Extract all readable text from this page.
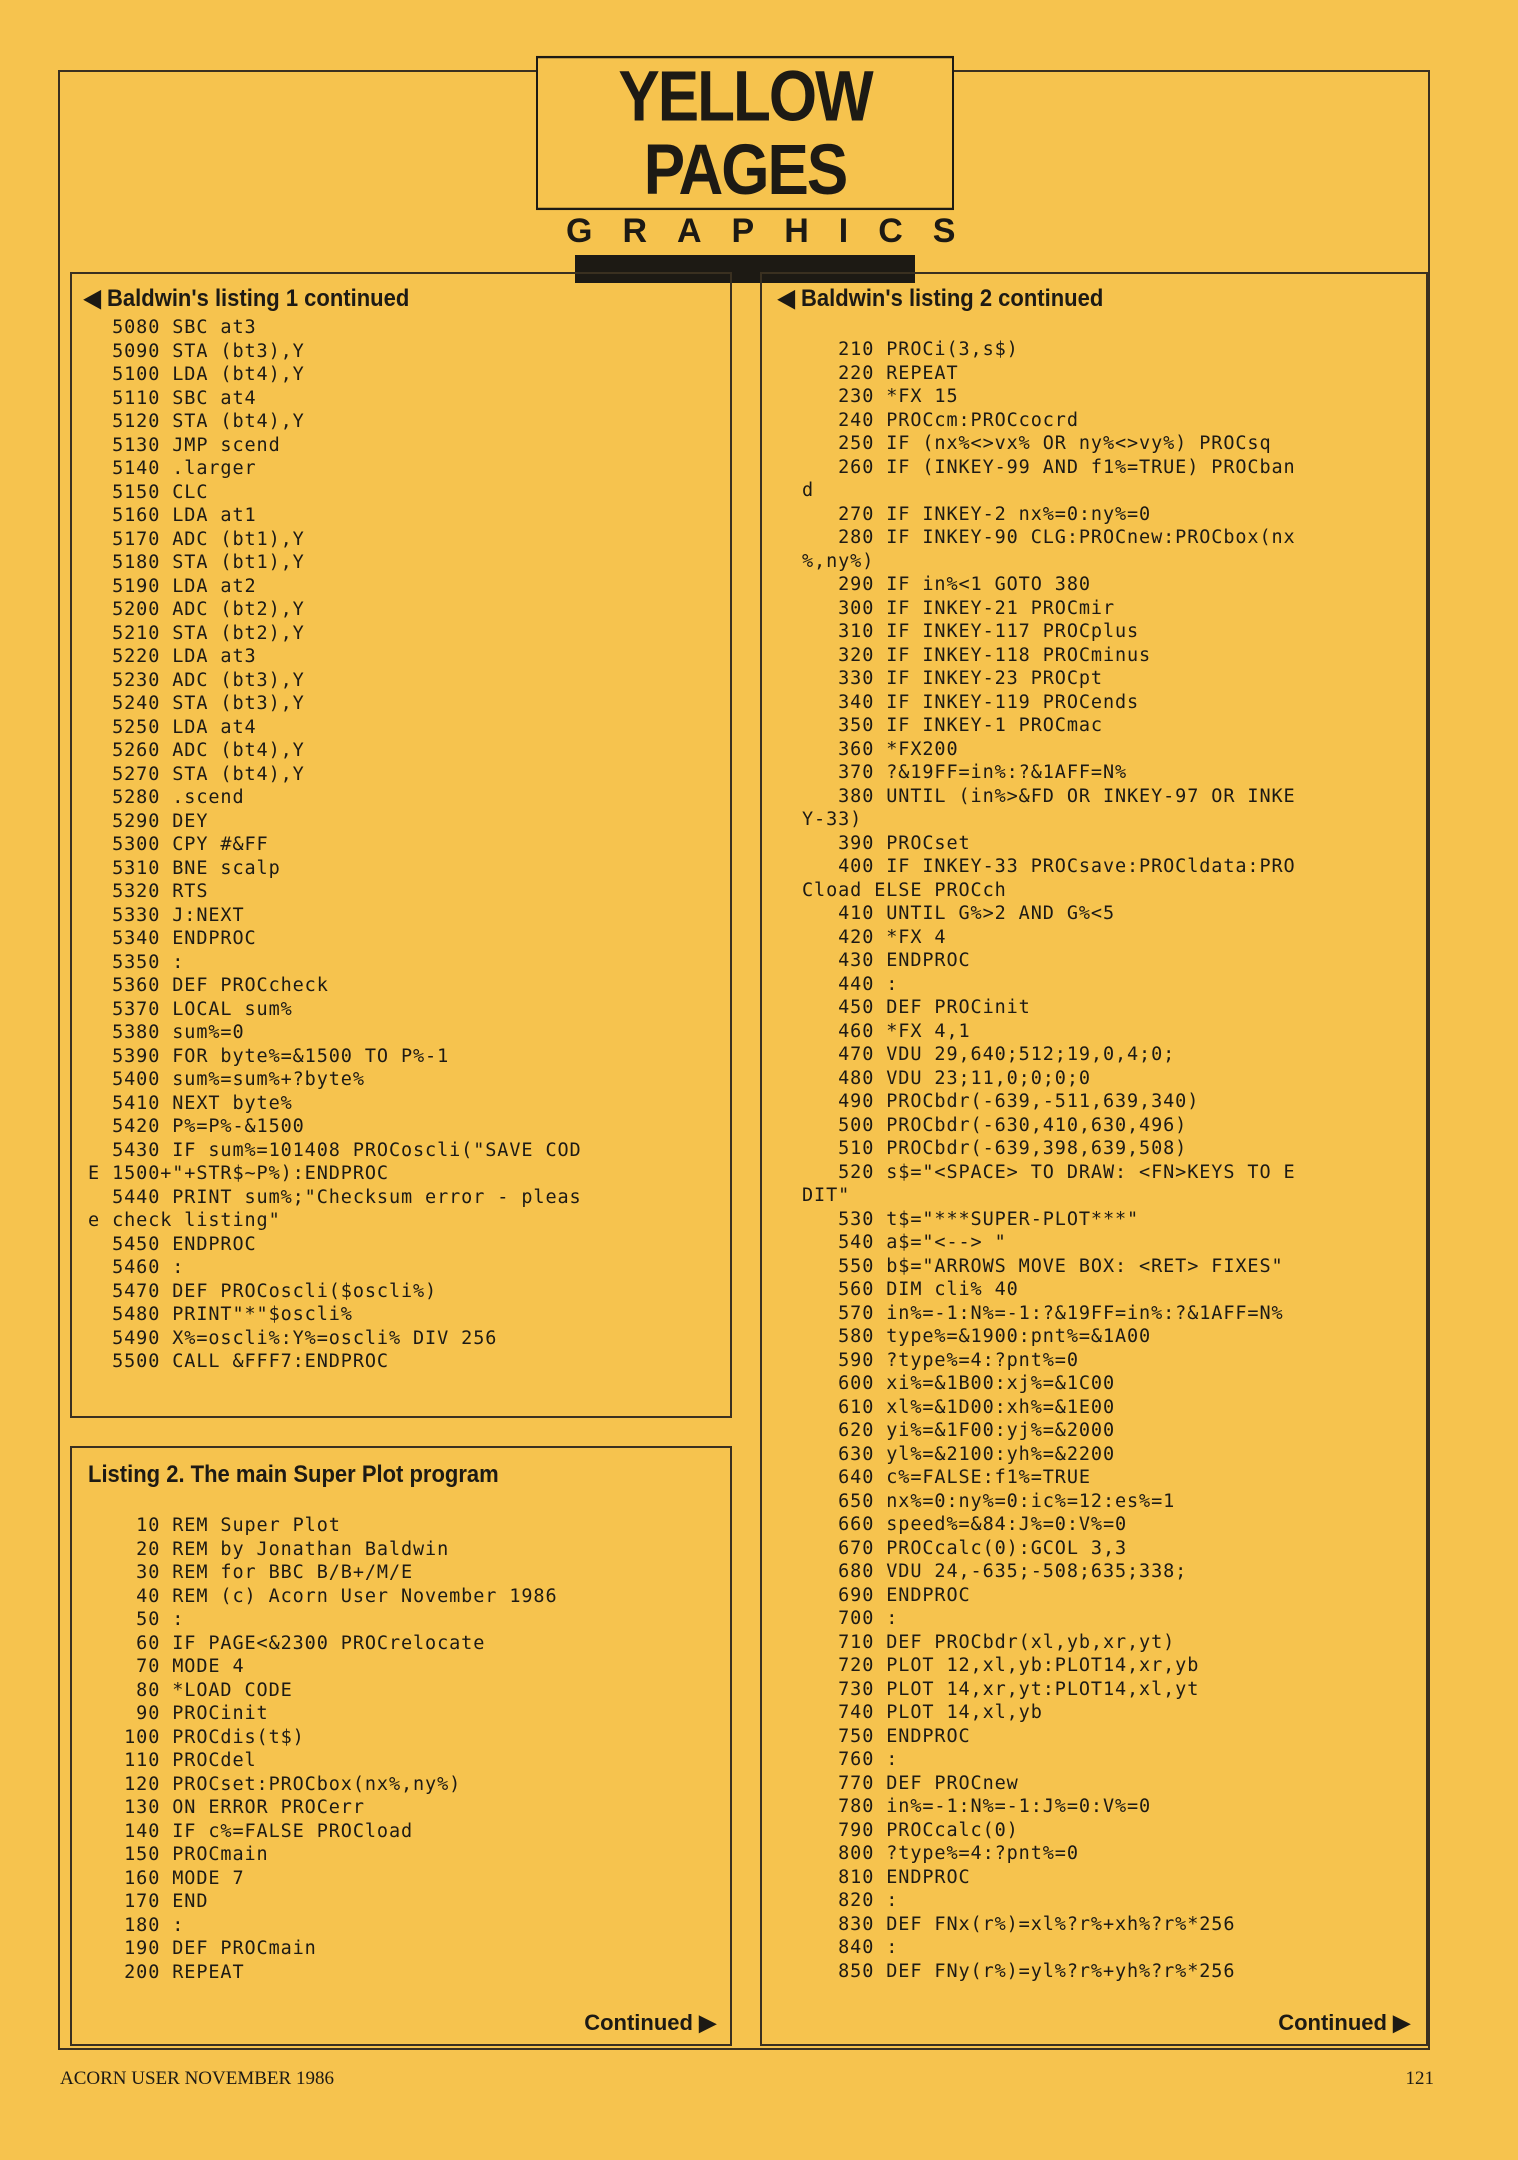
YELLOW PAGES
GRAPHICS
◀ Baldwin's listing 1 continued
5080 SBC at3
5090 STA (bt3),Y
5100 LDA (bt4),Y
5110 SBC at4
5120 STA (bt4),Y
5130 JMP scend
5140 .larger
5150 CLC
5160 LDA at1
5170 ADC (bt1),Y
5180 STA (bt1),Y
5190 LDA at2
5200 ADC (bt2),Y
5210 STA (bt2),Y
5220 LDA at3
5230 ADC (bt3),Y
5240 STA (bt3),Y
5250 LDA at4
5260 ADC (bt4),Y
5270 STA (bt4),Y
5280 .scend
5290 DEY
5300 CPY #&FF
5310 BNE scalp
5320 RTS
5330 J:NEXT
5340 ENDPROC
5350 :
5360 DEF PROCcheck
5370 LOCAL sum%
5380 sum%=0
5390 FOR byte%=&1500 TO P%-1
5400 sum%=sum%+?byte%
5410 NEXT byte%
5420 P%=P%-&1500
5430 IF sum%=101408 PROCoscli("SAVE COD
E 1500+"+STR$~P%):ENDPROC
5440 PRINT sum%;"Checksum error - pleas
e check listing"
5450 ENDPROC
5460 :
5470 DEF PROCoscli($oscli%)
5480 PRINT"*"$oscli%
5490 X%=oscli%:Y%=oscli% DIV 256
5500 CALL &FFF7:ENDPROC
Listing 2. The main Super Plot program
10 REM Super Plot
20 REM by Jonathan Baldwin
30 REM for BBC B/B+/M/E
40 REM (c) Acorn User November 1986
50 :
60 IF PAGE<&2300 PROCrelocate
70 MODE 4
80 *LOAD CODE
90 PROCinit
100 PROCdis(t$)
110 PROCdel
120 PROCset:PROCbox(nx%,ny%)
130 ON ERROR PROCerr
140 IF c%=FALSE PROCload
150 PROCmain
160 MODE 7
170 END
180 :
190 DEF PROCmain
200 REPEAT
Continued ▶
◀ Baldwin's listing 2 continued
210 PROCi(3,s$)
220 REPEAT
230 *FX 15
240 PROCcm:PROCcocrd
250 IF (nx%<>vx% OR ny%<>vy%) PROCsq
260 IF (INKEY-99 AND f1%=TRUE) PROCban
d
270 IF INKEY-2 nx%=0:ny%=0
280 IF INKEY-90 CLG:PROCnew:PROCbox(nx
%,ny%)
290 IF in%<1 GOTO 380
300 IF INKEY-21 PROCmir
310 IF INKEY-117 PROCplus
320 IF INKEY-118 PROCminus
330 IF INKEY-23 PROCpt
340 IF INKEY-119 PROCends
350 IF INKEY-1 PROCmac
360 *FX200
370 ?&19FF=in%:?&1AFF=N%
380 UNTIL (in%>&FD OR INKEY-97 OR INKE
Y-33)
390 PROCset
400 IF INKEY-33 PROCsave:PROCldata:PRO
Cload ELSE PROCch
410 UNTIL G%>2 AND G%<5
420 *FX 4
430 ENDPROC
440 :
450 DEF PROCinit
460 *FX 4,1
470 VDU 29,640;512;19,0,4;0;
480 VDU 23;11,0;0;0;0
490 PROCbdr(-639,-511,639,340)
500 PROCbdr(-630,410,630,496)
510 PROCbdr(-639,398,639,508)
520 s$="<SPACE> TO DRAW: <FN>KEYS TO E
DIT"
530 t$="***SUPER-PLOT***"
540 a$="<--> "
550 b$="ARROWS MOVE BOX: <RET> FIXES"
560 DIM cli% 40
570 in%=-1:N%=-1:?&19FF=in%:?&1AFF=N%
580 type%=&1900:pnt%=&1A00
590 ?type%=4:?pnt%=0
600 xi%=&1B00:xj%=&1C00
610 xl%=&1D00:xh%=&1E00
620 yi%=&1F00:yj%=&2000
630 yl%=&2100:yh%=&2200
640 c%=FALSE:f1%=TRUE
650 nx%=0:ny%=0:ic%=12:es%=1
660 speed%=&84:J%=0:V%=0
670 PROCcalc(0):GCOL 3,3
680 VDU 24,-635;-508;635;338;
690 ENDPROC
700 :
710 DEF PROCbdr(xl,yb,xr,yt)
720 PLOT 12,xl,yb:PLOT14,xr,yb
730 PLOT 14,xr,yt:PLOT14,xl,yt
740 PLOT 14,xl,yb
750 ENDPROC
760 :
770 DEF PROCnew
780 in%=-1:N%=-1:J%=0:V%=0
790 PROCcalc(0)
800 ?type%=4:?pnt%=0
810 ENDPROC
820 :
830 DEF FNx(r%)=xl%?r%+xh%?r%*256
840 :
850 DEF FNy(r%)=yl%?r%+yh%?r%*256
Continued ▶
ACORN USER NOVEMBER 1986	121
